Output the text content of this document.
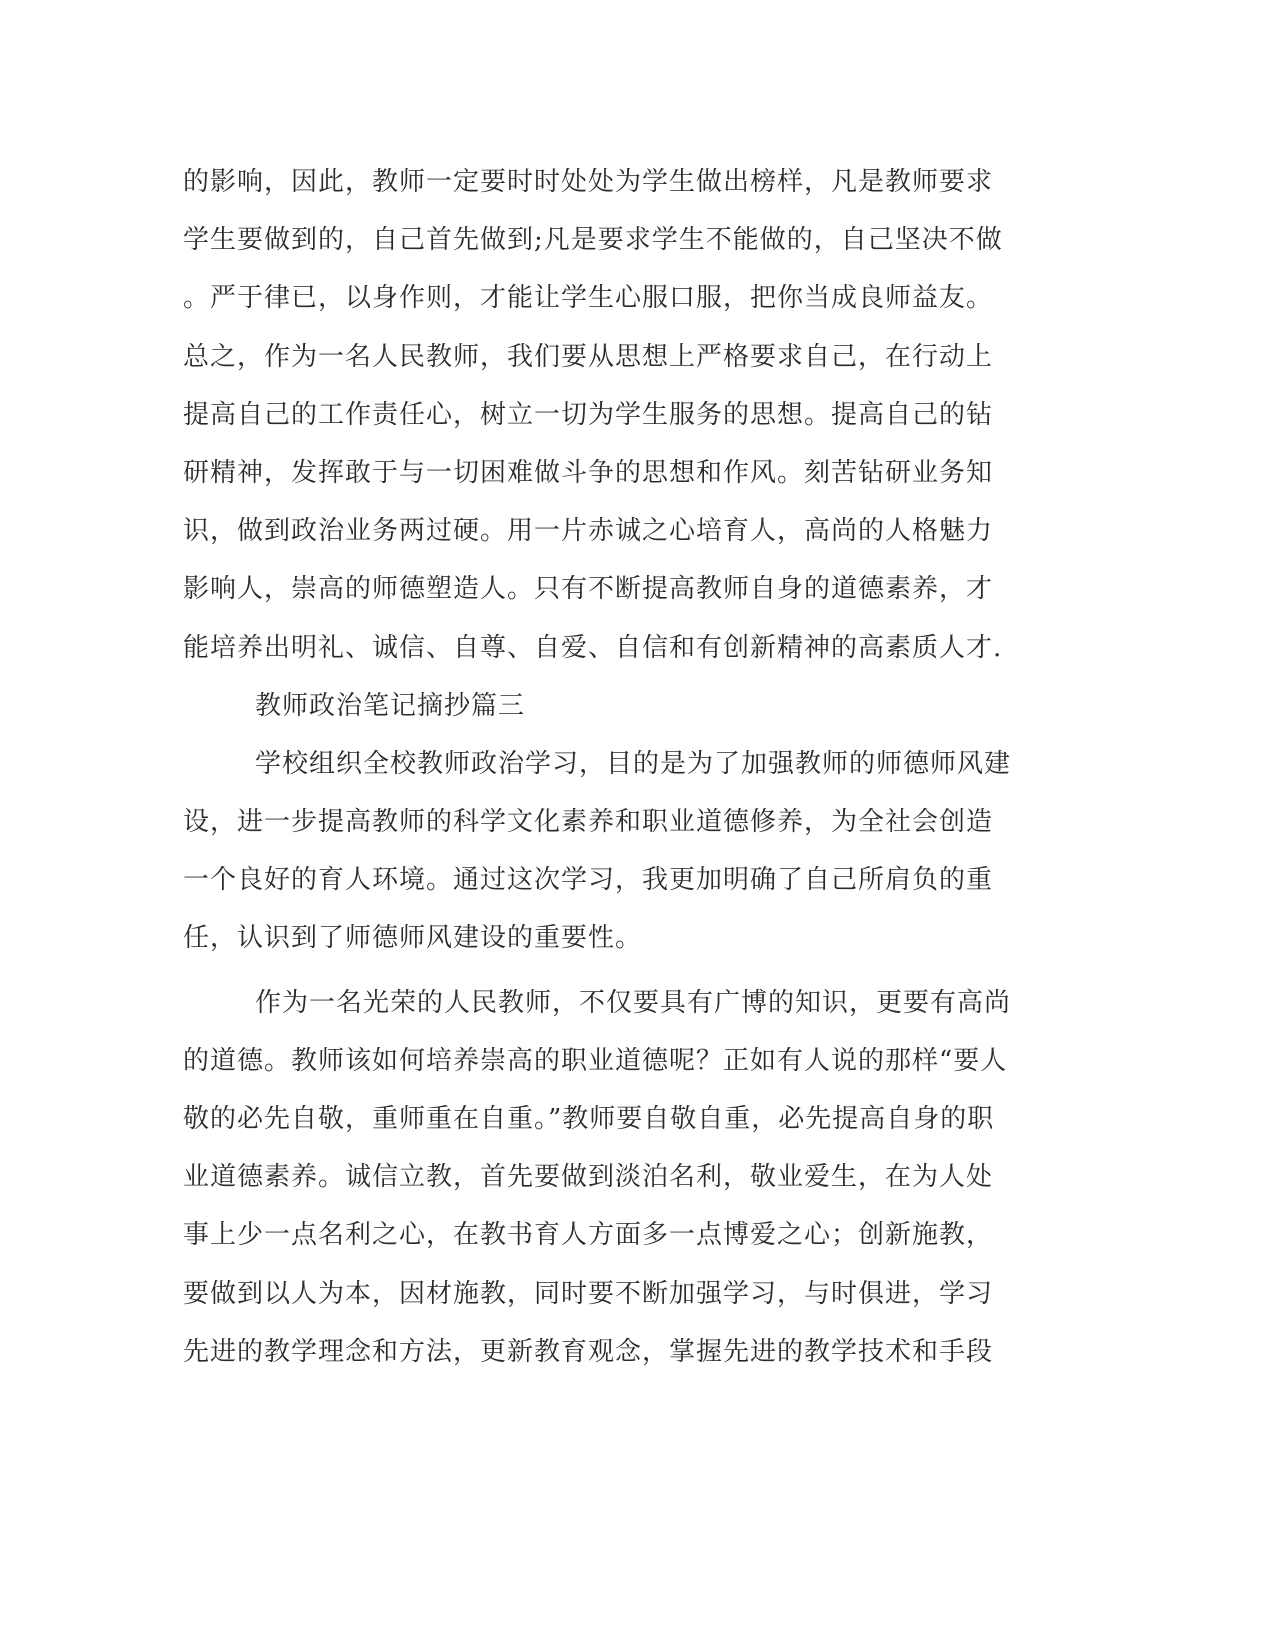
的影响，因此，教师一定要时时处处为学生做出榜样，凡是教师要求
学生要做到的，自己首先做到;凡是要求学生不能做的，自己坚决不做
。严于律已，以身作则，才能让学生心服口服，把你当成良师益友。
总之，作为一名人民教师，我们要从思想上严格要求自己，在行动上
提高自己的工作责任心，树立一切为学生服务的思想。提高自己的钻
研精神，发挥敢于与一切困难做斗争的思想和作风。刻苦钻研业务知
识，做到政治业务两过硬。用一片赤诚之心培育人，高尚的人格魅力
影响人，崇高的师德塑造人。只有不断提高教师自身的道德素养，才
能培养出明礼、诚信、自尊、自爱、自信和有创新精神的高素质人才.
教师政治笔记摘抄篇三
学校组织全校教师政治学习，目的是为了加强教师的师德师风建
设，进一步提高教师的科学文化素养和职业道德修养，为全社会创造
一个良好的育人环境。通过这次学习，我更加明确了自己所肩负的重
任，认识到了师德师风建设的重要性。
作为一名光荣的人民教师，不仅要具有广博的知识，更要有高尚
的道德。教师该如何培养崇高的职业道德呢？正如有人说的那样“要人
敬的必先自敬，重师重在自重。”教师要自敬自重，必先提高自身的职
业道德素养。诚信立教，首先要做到淡泊名利，敬业爱生，在为人处
事上少一点名利之心，在教书育人方面多一点博爱之心；创新施教，
要做到以人为本，因材施教，同时要不断加强学习，与时俱进，学习
先进的教学理念和方法，更新教育观念，掌握先进的教学技术和手段
